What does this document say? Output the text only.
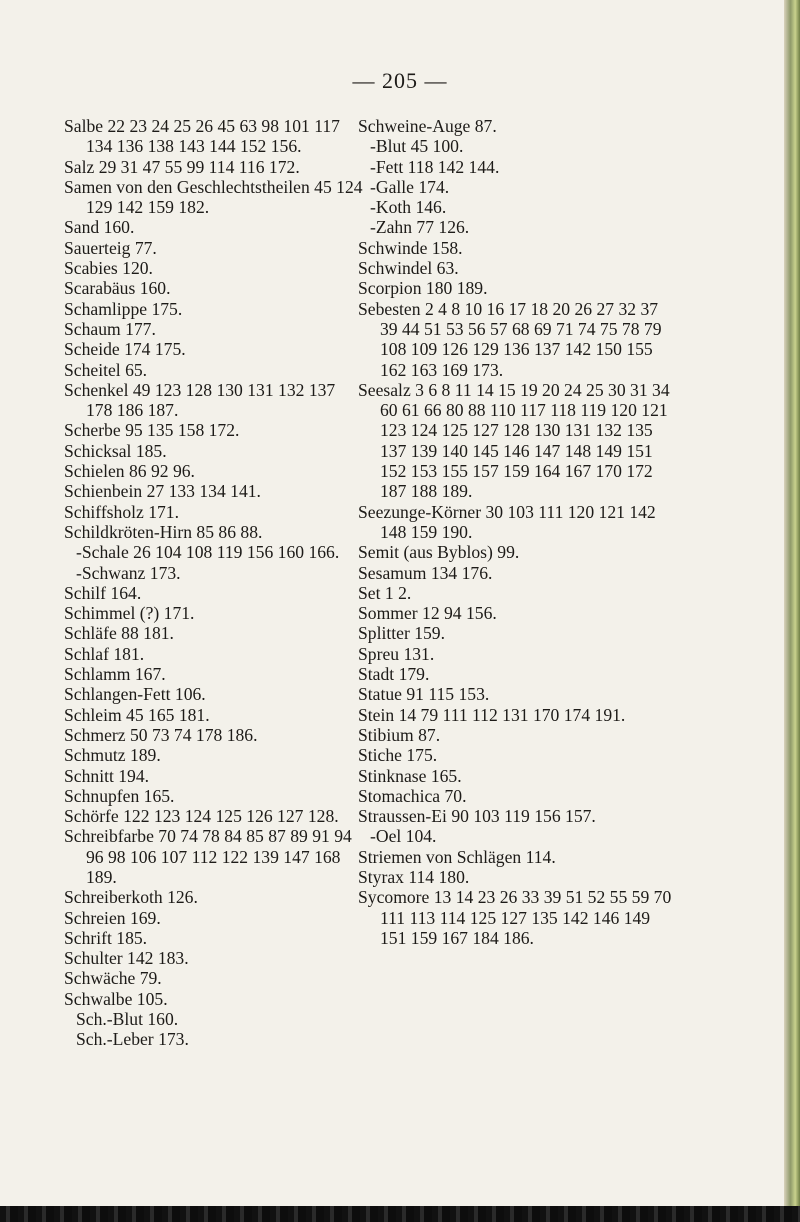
— 205 —
Salbe 22 23 24 25 26 45 63 98 101 117 134 136 138 143 144 152 156.
Salz 29 31 47 55 99 114 116 172.
Samen von den Geschlechtstheilen 45 124 129 142 159 182.
Sand 160.
Sauerteig 77.
Scabies 120.
Scarabäus 160.
Schamlippe 175.
Schaum 177.
Scheide 174 175.
Scheitel 65.
Schenkel 49 123 128 130 131 132 137 178 186 187.
Scherbe 95 135 158 172.
Schicksal 185.
Schielen 86 92 96.
Schienbein 27 133 134 141.
Schiffsholz 171.
Schildkröten-Hirn 85 86 88.
-Schale 26 104 108 119 156 160 166.
-Schwanz 173.
Schilf 164.
Schimmel (?) 171.
Schläfe 88 181.
Schlaf 181.
Schlamm 167.
Schlangen-Fett 106.
Schleim 45 165 181.
Schmerz 50 73 74 178 186.
Schmutz 189.
Schnitt 194.
Schnupfen 165.
Schörfe 122 123 124 125 126 127 128.
Schreibfarbe 70 74 78 84 85 87 89 91 94 96 98 106 107 112 122 139 147 168 189.
Schreiberkoth 126.
Schreien 169.
Schrift 185.
Schulter 142 183.
Schwäche 79.
Schwalbe 105.
Sch.-Blut 160.
Sch.-Leber 173.
Schweine-Auge 87.
-Blut 45 100.
-Fett 118 142 144.
-Galle 174.
-Koth 146.
-Zahn 77 126.
Schwinde 158.
Schwindel 63.
Scorpion 180 189.
Sebesten 2 4 8 10 16 17 18 20 26 27 32 37 39 44 51 53 56 57 68 69 71 74 75 78 79 108 109 126 129 136 137 142 150 155 162 163 169 173.
Seesalz 3 6 8 11 14 15 19 20 24 25 30 31 34 60 61 66 80 88 110 117 118 119 120 121 123 124 125 127 128 130 131 132 135 137 139 140 145 146 147 148 149 151 152 153 155 157 159 164 167 170 172 187 188 189.
Seezunge-Körner 30 103 111 120 121 142 148 159 190.
Semit (aus Byblos) 99.
Sesamum 134 176.
Set 1 2.
Sommer 12 94 156.
Splitter 159.
Spreu 131.
Stadt 179.
Statue 91 115 153.
Stein 14 79 111 112 131 170 174 191.
Stibium 87.
Stiche 175.
Stinknase 165.
Stomachica 70.
Straussen-Ei 90 103 119 156 157.
-Oel 104.
Striemen von Schlägen 114.
Styrax 114 180.
Sycomore 13 14 23 26 33 39 51 52 55 59 70 111 113 114 125 127 135 142 146 149 151 159 167 184 186.
